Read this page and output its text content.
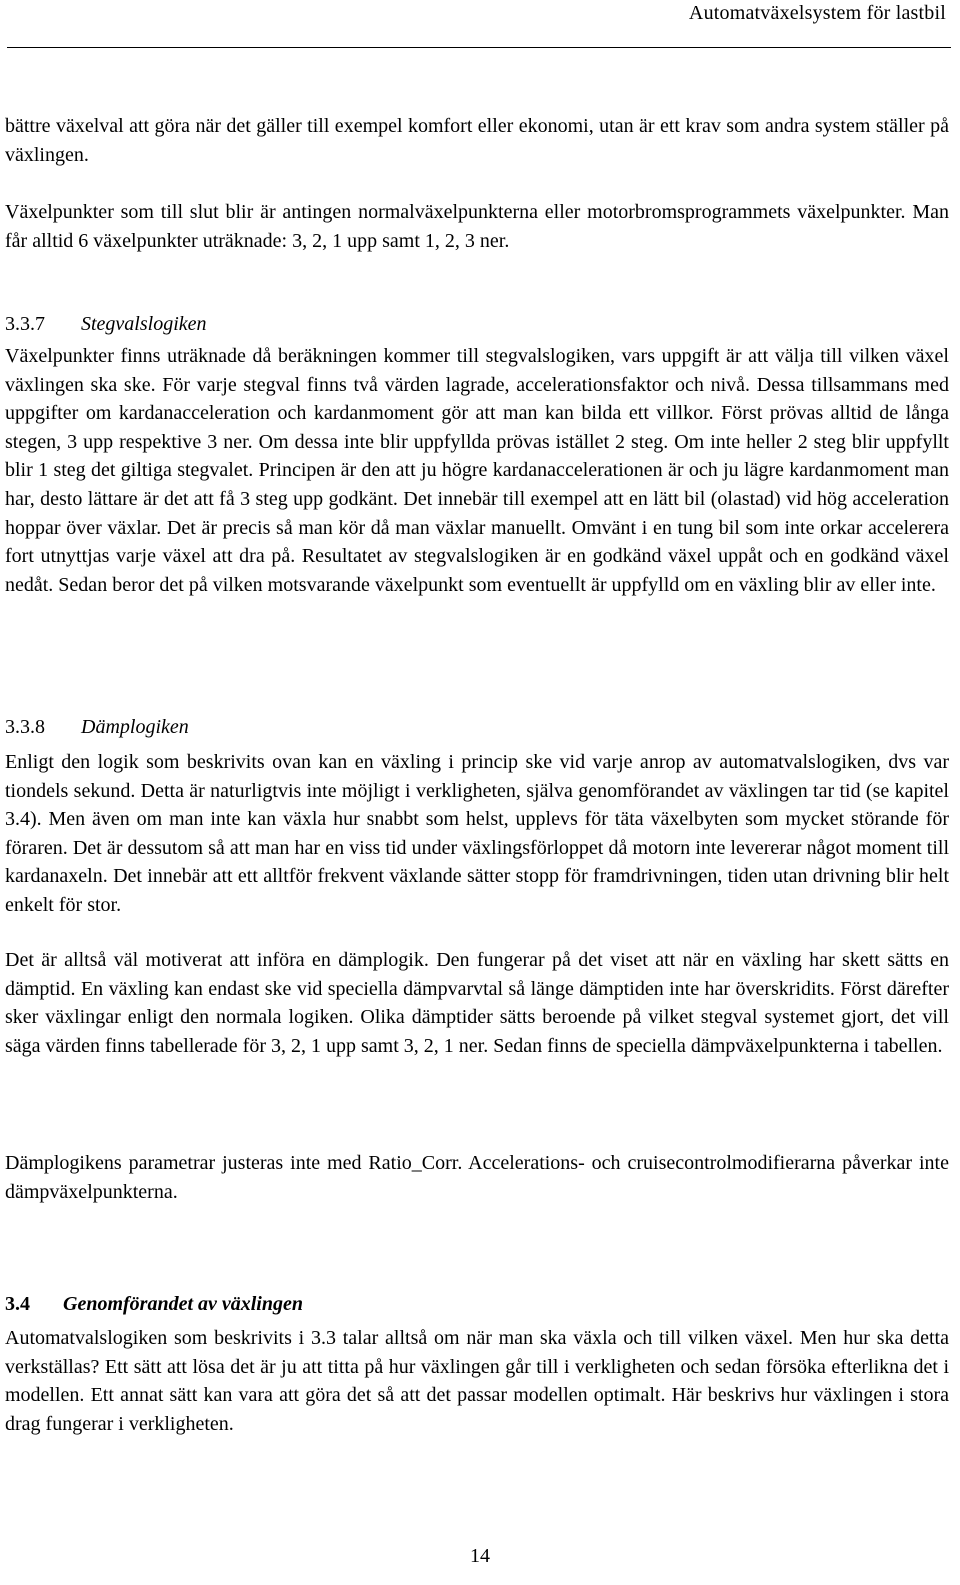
Automatväxelsystem för lastbil

bättre växelval att göra när det gäller till exempel komfort eller ekonomi, utan är ett krav som andra system ställer på växlingen.

Växelpunkter som till slut blir är antingen normalväxelpunkterna eller motorbromsprogrammets växelpunkter. Man får alltid 6 växelpunkter uträknade: 3, 2, 1 upp samt 1, 2, 3 ner.

3.3.7 Stegvalslogiken

Växelpunkter finns uträknade då beräkningen kommer till stegvalslogiken, vars uppgift är att välja till vilken växel växlingen ska ske. För varje stegval finns två värden lagrade, accelerationsfaktor och nivå. Dessa tillsammans med uppgifter om kardanacceleration och kardanmoment gör att man kan bilda ett villkor. Först prövas alltid de långa stegen, 3 upp respektive 3 ner. Om dessa inte blir uppfyllda prövas istället 2 steg. Om inte heller 2 steg blir uppfyllt blir 1 steg det giltiga stegvalet. Principen är den att ju högre kardanaccelerationen är och ju lägre kardanmoment man har, desto lättare är det att få 3 steg upp godkänt. Det innebär till exempel att en lätt bil (olastad) vid hög acceleration hoppar över växlar. Det är precis så man kör då man växlar manuellt. Omvänt i en tung bil som inte orkar accelerera fort utnyttjas varje växel att dra på. Resultatet av stegvalslogiken är en godkänd växel uppåt och en godkänd växel nedåt. Sedan beror det på vilken motsvarande växelpunkt som eventuellt är uppfylld om en växling blir av eller inte.

3.3.8 Dämplogiken

Enligt den logik som beskrivits ovan kan en växling i princip ske vid varje anrop av automatvalslogiken, dvs var tiondels sekund. Detta är naturligtvis inte möjligt i verkligheten, själva genomförandet av växlingen tar tid (se kapitel 3.4). Men även om man inte kan växla hur snabbt som helst, upplevs för täta växelbyten som mycket störande för föraren. Det är dessutom så att man har en viss tid under växlingsförloppet då motorn inte levererar något moment till kardanaxeln. Det innebär att ett alltför frekvent växlande sätter stopp för framdrivningen, tiden utan drivning blir helt enkelt för stor.

Det är alltså väl motiverat att införa en dämplogik. Den fungerar på det viset att när en växling har skett sätts en dämptid. En växling kan endast ske vid speciella dämpvarvtal så länge dämptiden inte har överskridits. Först därefter sker växlingar enligt den normala logiken. Olika dämptider sätts beroende på vilket stegval systemet gjort, det vill säga värden finns tabellerade för 3, 2, 1 upp samt 3, 2, 1 ner. Sedan finns de speciella dämpväxelpunkterna i tabellen.

Dämplogikens parametrar justeras inte med Ratio_Corr. Accelerations- och cruisecontrolmodifierarna påverkar inte dämpväxelpunkterna.

3.4 Genomförandet av växlingen

Automatvalslogiken som beskrivits i 3.3 talar alltså om när man ska växla och till vilken växel. Men hur ska detta verkställas? Ett sätt att lösa det är ju att titta på hur växlingen går till i verkligheten och sedan försöka efterlikna det i modellen. Ett annat sätt kan vara att göra det så att det passar modellen optimalt. Här beskrivs hur växlingen i stora drag fungerar i verkligheten.

14
